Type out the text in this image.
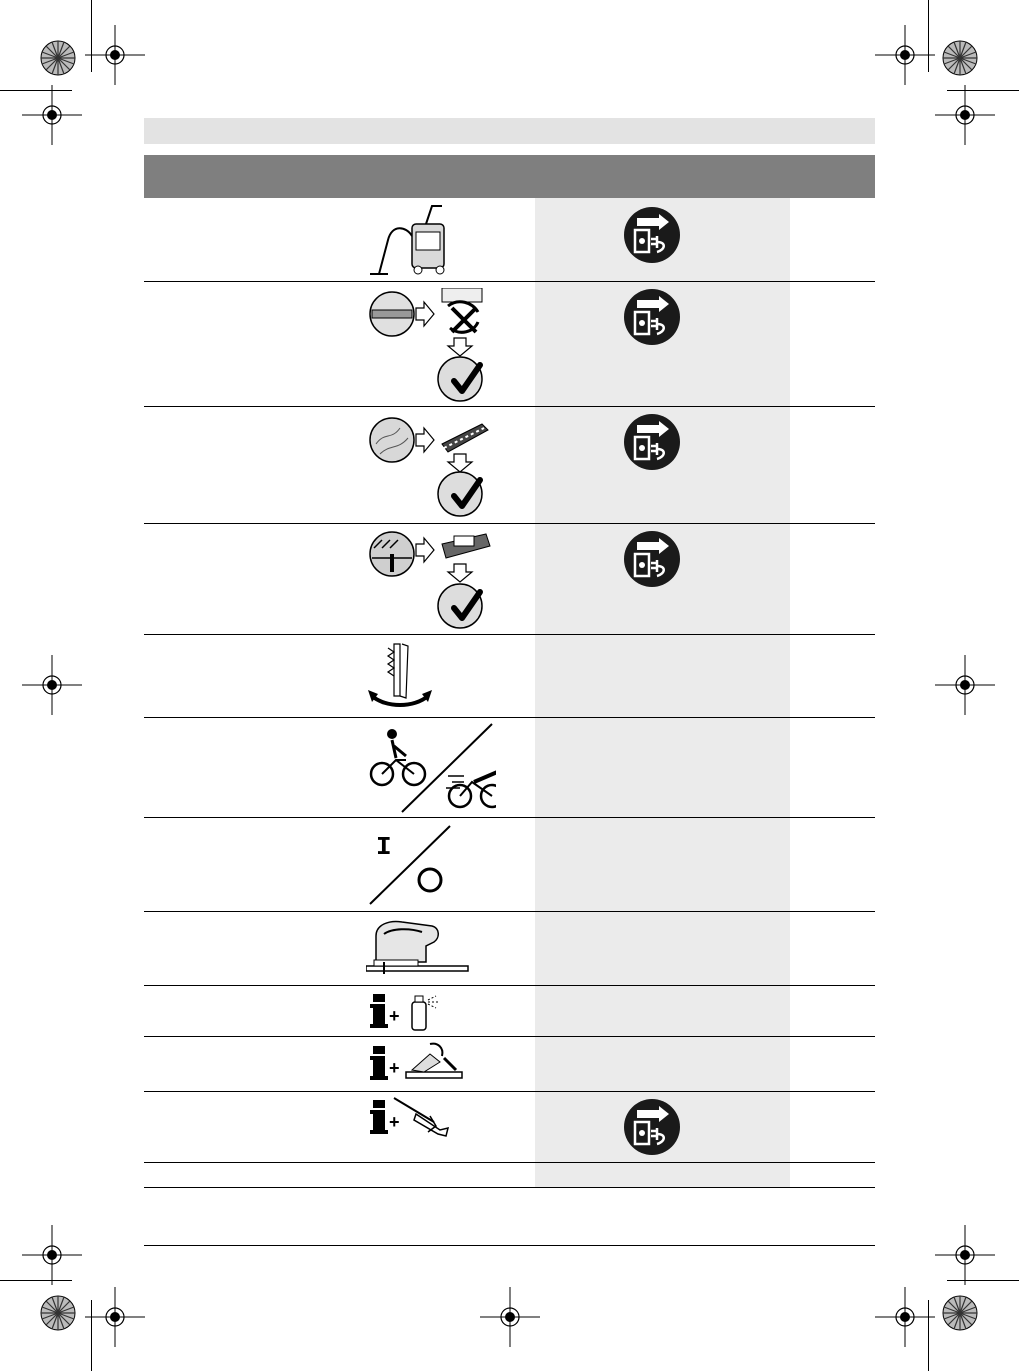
I
+
+
+
